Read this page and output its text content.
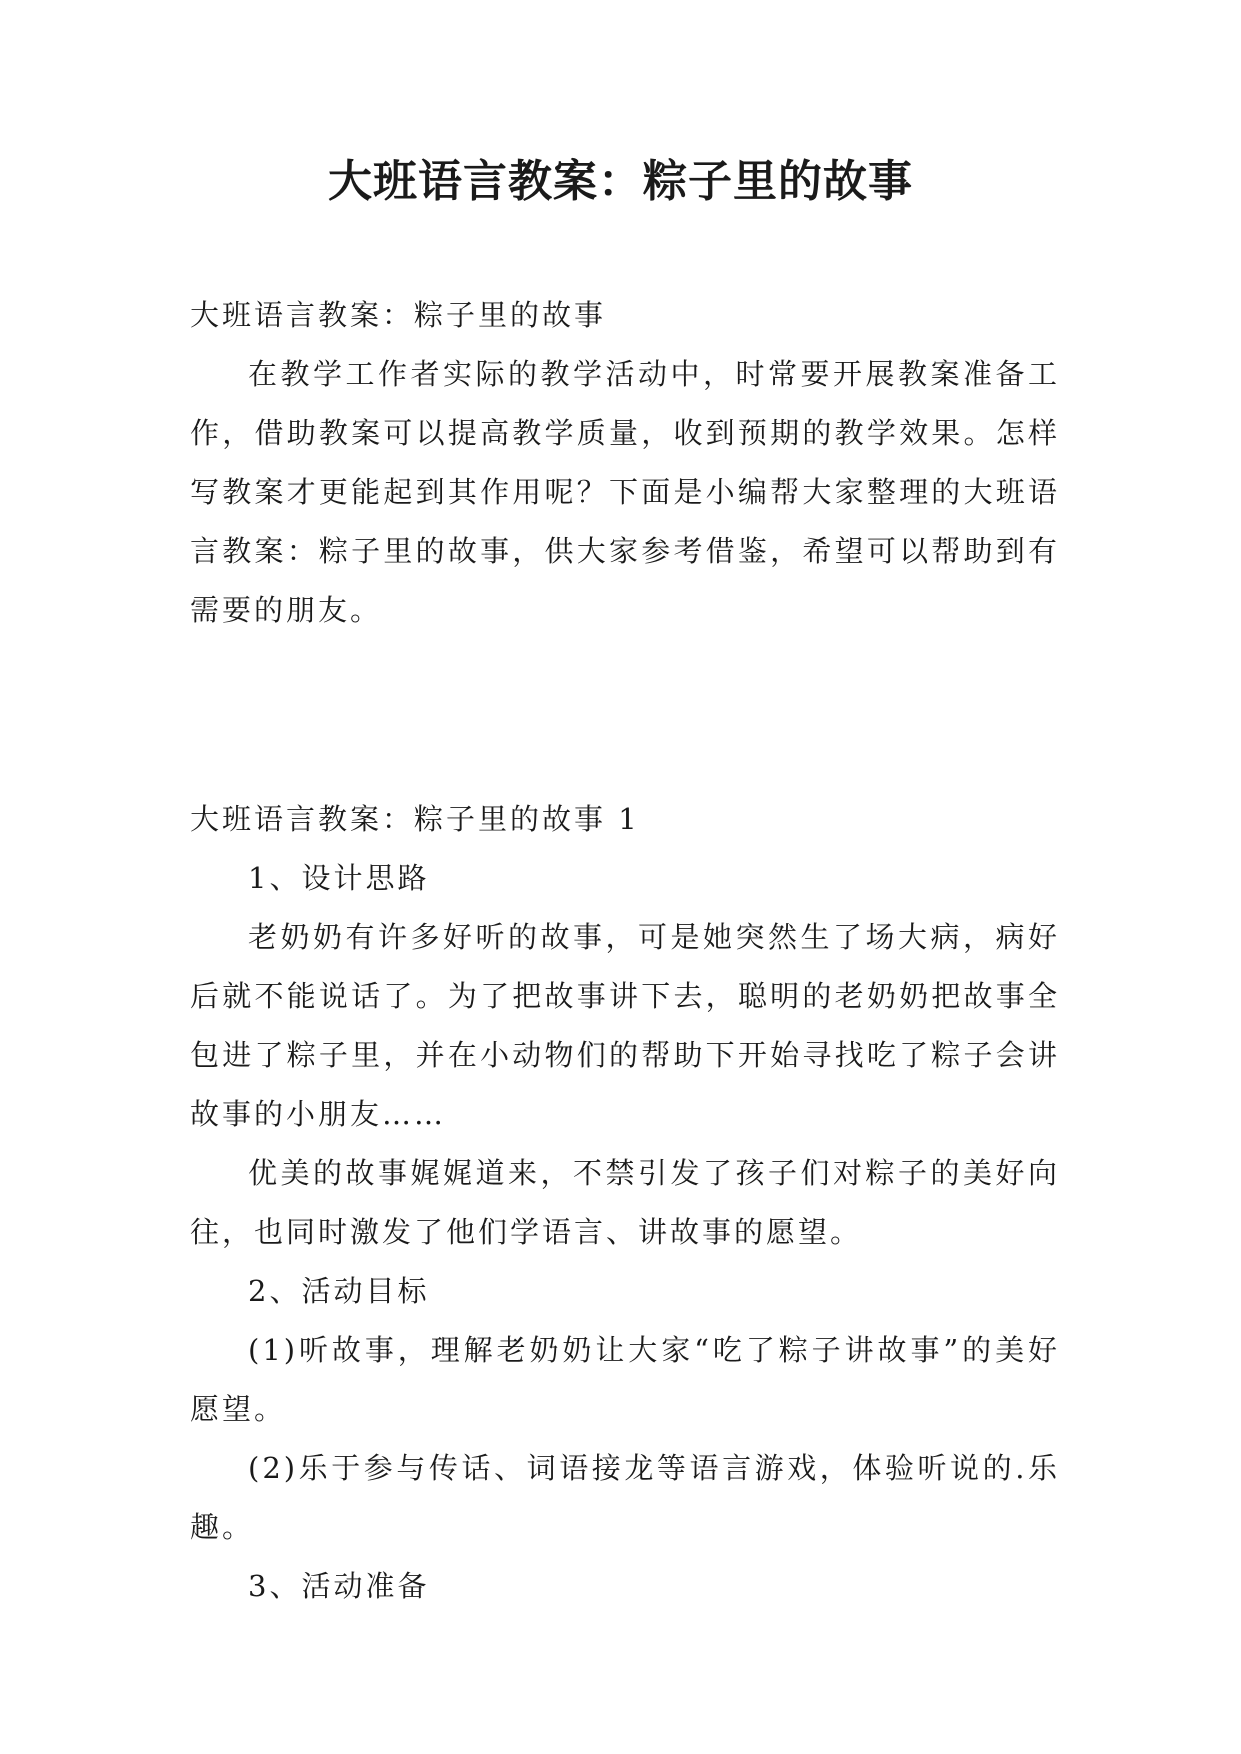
大班语言教案：粽子里的故事

大班语言教案：粽子里的故事

在教学工作者实际的教学活动中，时常要开展教案准备工作，借助教案可以提高教学质量，收到预期的教学效果。怎样写教案才更能起到其作用呢？下面是小编帮大家整理的大班语言教案：粽子里的故事，供大家参考借鉴，希望可以帮助到有需要的朋友。

大班语言教案：粽子里的故事 1

1、设计思路

老奶奶有许多好听的故事，可是她突然生了场大病，病好后就不能说话了。为了把故事讲下去，聪明的老奶奶把故事全包进了粽子里，并在小动物们的帮助下开始寻找吃了粽子会讲故事的小朋友……

优美的故事娓娓道来，不禁引发了孩子们对粽子的美好向往，也同时激发了他们学语言、讲故事的愿望。

2、活动目标

(1)听故事，理解老奶奶让大家“吃了粽子讲故事”的美好愿望。

(2)乐于参与传话、词语接龙等语言游戏，体验听说的.乐趣。

3、活动准备
